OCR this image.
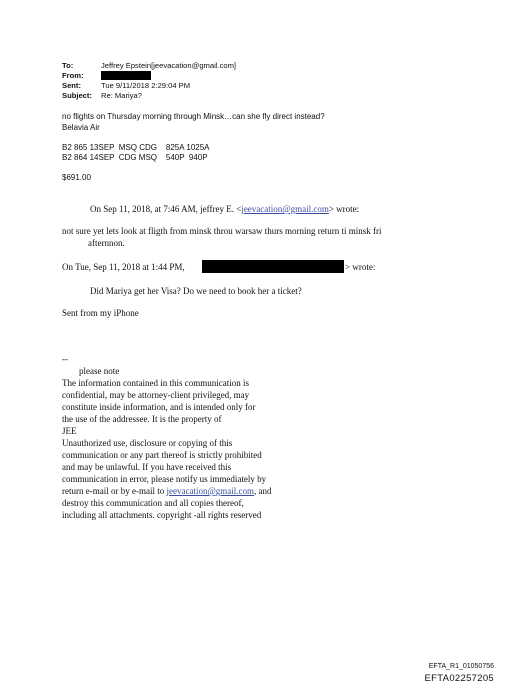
To:	Jeffrey Epstein[jeevacation@gmail.com]
From:
Sent:	Tue 9/11/2018 2:29:04 PM
Subject: Re: Mariya?
no flights on Thursday morning through Minsk…can she fly direct instead?
Belavia Air
B2 865 13SEP  MSQ CDG    825A 1025A
B2 864 14SEP  CDG MSQ    540P  940P
$691.00
On Sep 11, 2018, at 7:46 AM, jeffrey E. <jeevacation@gmail.com> wrote:
not sure yet lets look at fligth from minsk throu warsaw thurs morning return ti minsk fri
afternnon.
On Tue, Sep 11, 2018 at 1:44 PM,	> wrote:
Did Mariya get her Visa? Do we need to book her a ticket?
Sent from my iPhone
--
please note
The information contained in this communication is
confidential, may be attorney-client privileged, may
constitute inside information, and is intended only for
the use of the addressee. It is the property of
JEE
Unauthorized use, disclosure or copying of this
communication or any part thereof is strictly prohibited
and may be unlawful. If you have received this
communication in error, please notify us immediately by
return e-mail or by e-mail to jeevacation@gmail.com, and
destroy this communication and all copies thereof,
including all attachments. copyright -all rights reserved
EFTA_R1_01050756
EFTA02257205
